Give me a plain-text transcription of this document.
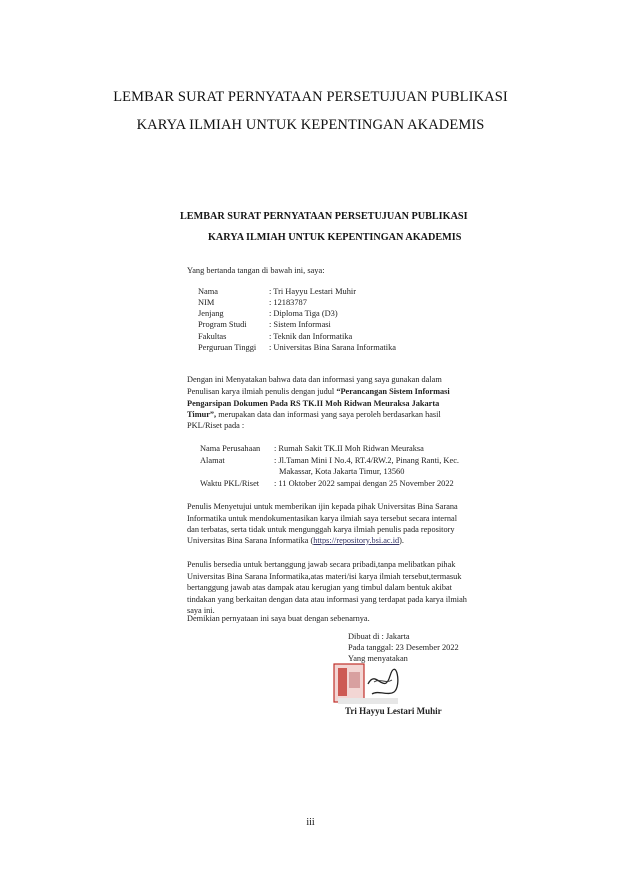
LEMBAR SURAT PERNYATAAN PERSETUJUAN PUBLIKASI
KARYA ILMIAH UNTUK KEPENTINGAN AKADEMIS
LEMBAR SURAT PERNYATAAN PERSETUJUAN PUBLIKASI
KARYA ILMIAH UNTUK KEPENTINGAN AKADEMIS
Yang bertanda tangan di bawah ini, saya:
Nama	: Tri Hayyu Lestari Muhir
NIM	: 12183787
Jenjang	: Diploma Tiga (D3)
Program Studi	: Sistem Informasi
Fakultas	: Teknik dan Informatika
Perguruan Tinggi : Universitas Bina Sarana Informatika
Dengan ini Menyatakan bahwa data dan informasi yang saya gunakan dalam
Penulisan karya ilmiah penulis dengan judul “Perancangan Sistem Informasi
Pengarsipan Dokumen Pada RS TK.II Moh Ridwan Meuraksa Jakarta
Timur”, merupakan data dan informasi yang saya peroleh berdasarkan hasil
PKL/Riset pada :
Nama Perusahaan : Rumah Sakit TK.II Moh Ridwan Meuraksa
Alamat	: Jl.Taman Mini I No.4, RT.4/RW.2, Pinang Ranti, Kec.
Makassar, Kota Jakarta Timur, 13560
Waktu PKL/Riset : 11 Oktober 2022 sampai dengan 25 November 2022
Penulis Menyetujui untuk memberikan ijin kepada pihak Universitas Bina Sarana
Informatika untuk mendokumentasikan karya ilmiah saya tersebut secara internal
dan terbatas, serta tidak untuk mengunggah karya ilmiah penulis pada repository
Universitas Bina Sarana Informatika (https://repository.bsi.ac.id).
Penulis bersedia untuk bertanggung jawab secara pribadi,tanpa melibatkan pihak
Universitas Bina Sarana Informatika,atas materi/isi karya ilmiah tersebut,termasuk
bertanggung jawab atas dampak atau kerugian yang timbul dalam bentuk akibat
tindakan yang berkaitan dengan data atau informasi yang terdapat pada karya ilmiah
saya ini.
Demikian pernyataan ini saya buat dengan sebenarnya.
Dibuat di : Jakarta
Pada tanggal: 23 Desember 2022
Yang menyatakan
Tri Hayyu Lestari Muhir
iii
